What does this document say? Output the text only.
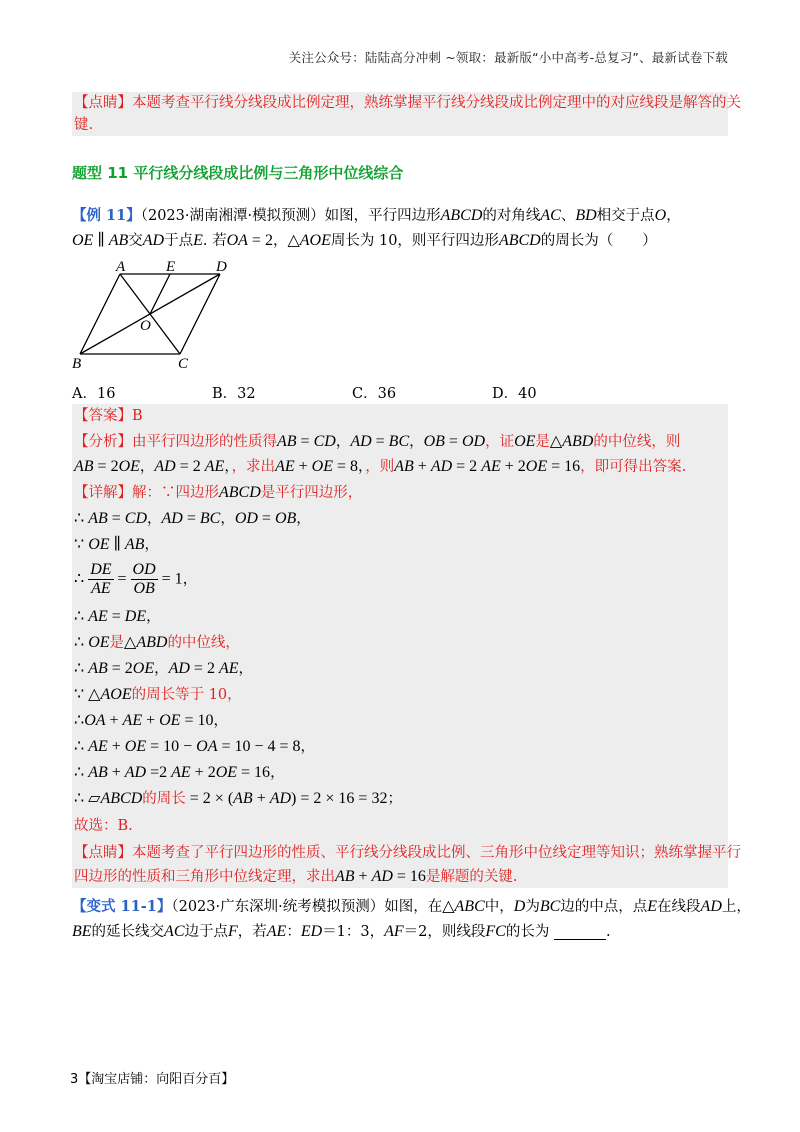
关注公众号：陆陆高分冲刺 ~领取：最新版“小中高考-总复习”、最新试卷下载
【点睛】本题考查平行线分线段成比例定理，熟练掌握平行线分线段成比例定理中的对应线段是解答的关
键.
题型 11 平行线分线段成比例与三角形中位线综合
【例 11】（2023·湖南湘潭·模拟预测）如图，平行四边形ABCD的对角线AC、BD相交于点O，
OE ∥ AB交AD于点E. 若OA = 2，△AOE周长为 10，则平行四边形ABCD的周长为（　　）
A	E	D
B	C
O
A．16	B．32	C．36	D．40
【答案】B
【分析】由平行四边形的性质得AB = CD，AD = BC，OB = OD，证OE是△ABD的中位线，则
AB = 2OE，AD = 2 AE，，求出AE + OE = 8，，则AB + AD = 2 AE + 2OE = 16，即可得出答案.
【详解】解：∵四边形ABCD是平行四边形，
∴ AB = CD，AD = BC，OD = OB，
∵ OE ∥ AB，
∴ $\frac{DE}{AE} = \frac{OD}{OB} = 1$，
∴ AE = DE，
∴ OE是△ABD的中位线，
∴ AB = 2OE，AD = 2 AE，
∵ △AOE的周长等于 10，
∴OA + AE + OE = 10，
∴ AE + OE = 10 − OA = 10 − 4 = 8，
∴ AB + AD =2 AE + 2OE = 16，
∴ ▱ABCD的周长 = 2 × (AB + AD) = 2 × 16 = 32；
故选：B.
【点睛】本题考查了平行四边形的性质、平行线分线段成比例、三角形中位线定理等知识；熟练掌握平行
四边形的性质和三角形中位线定理，求出AB + AD = 16是解题的关键.
【变式 11-1】（2023·广东深圳·统考模拟预测）如图，在△ABC中，D为BC边的中点，点E在线段AD上，
BE的延长线交AC边于点F，若AE：ED＝1：3，AF＝2，则线段FC的长为	.
3【淘宝店铺：向阳百分百】
